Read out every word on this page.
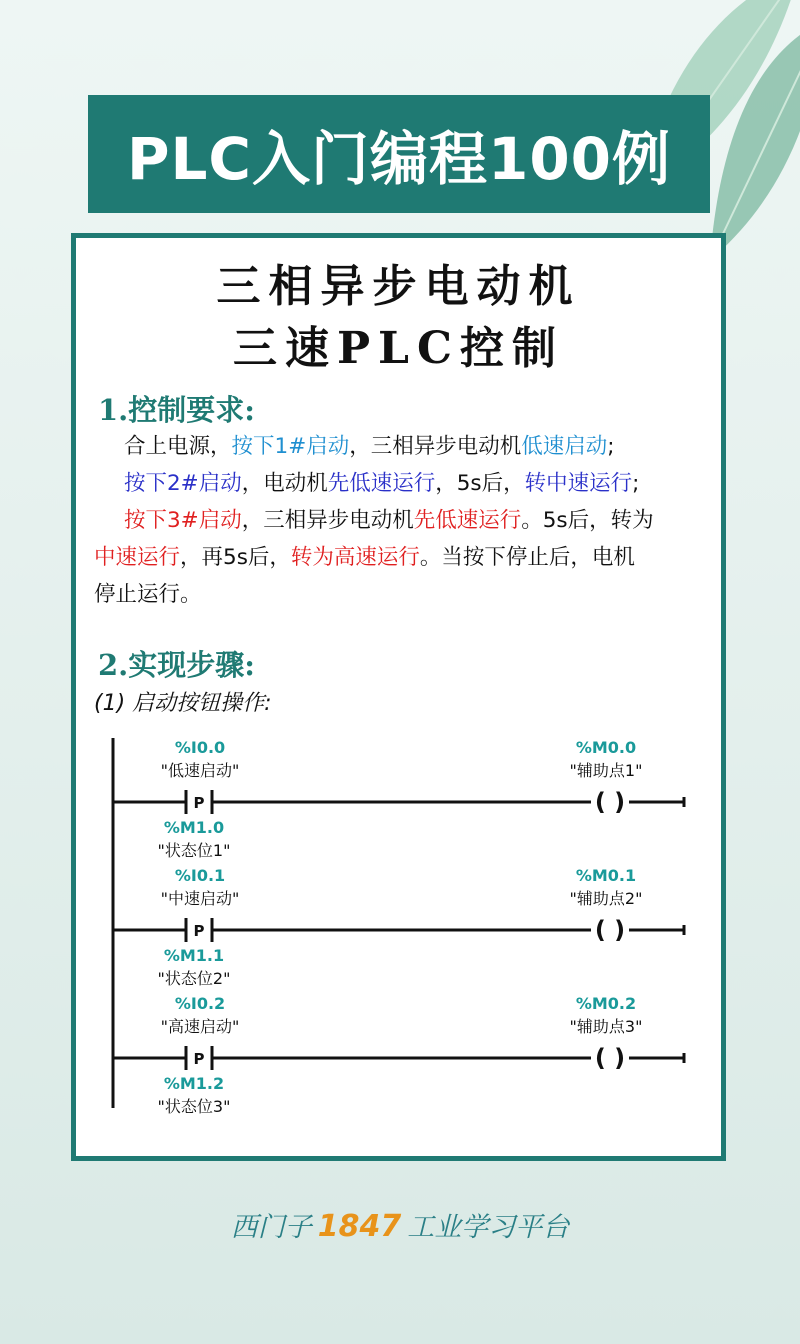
PLC入门编程100例
三相异步电动机
三速PLC控制
1.控制要求:
合上电源，按下1#启动，三相异步电动机低速启动;
按下2#启动，电动机先低速运行，5s后，转中速运行;
按下3#启动，三相异步电动机先低速运行。5s后，转为
中速运行，再5s后，转为高速运行。当按下停止后，电机
停止运行。
2.实现步骤:
(1) 启动按钮操作:
%I0.0
"低速启动"
%M0.0
"辅助点1"
%M1.0
"状态位1"
P	( )
%I0.1
"中速启动"
%M0.1
"辅助点2"
%M1.1
"状态位2"
P	( )
%I0.2
"高速启动"
%M0.2
"辅助点3"
%M1.2
"状态位3"
P	( )
西门子 1847 工业学习平台
